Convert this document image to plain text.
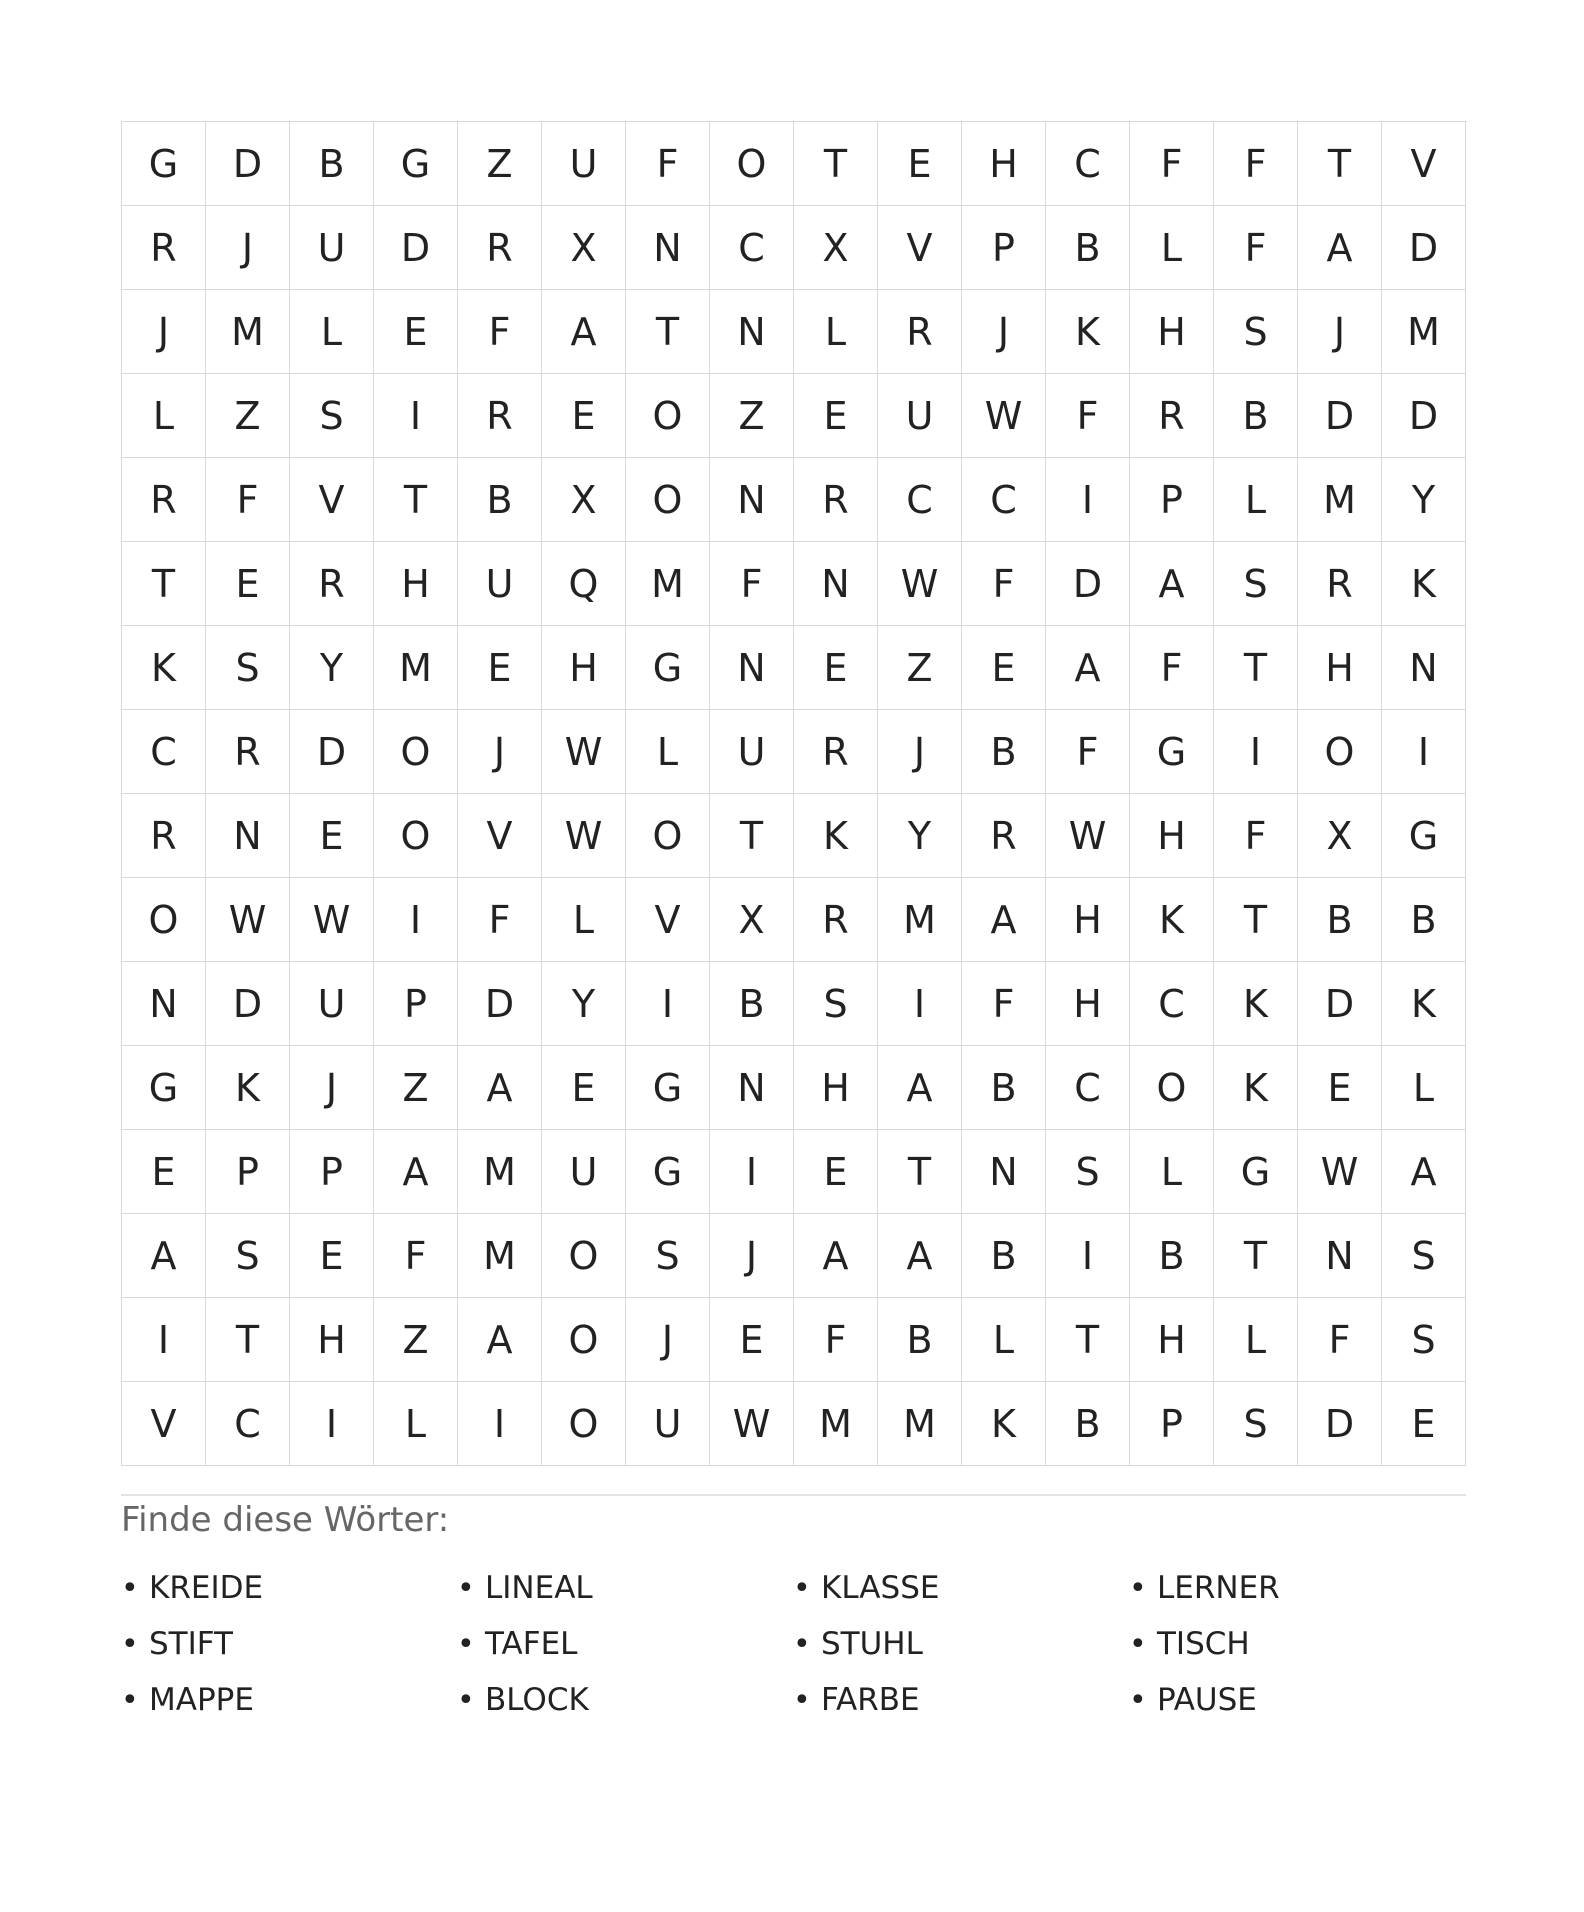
G	D	B	G	Z	U	F	O	T	E	H	C	F	F	T	V
R	J	U	D	R	X	N	C	X	V	P	B	L	F	A	D
J	M	L	E	F	A	T	N	L	R	J	K	H	S	J	M
L	Z	S	I	R	E	O	Z	E	U	W	F	R	B	D	D
R	F	V	T	B	X	O	N	R	C	C	I	P	L	M	Y
T	E	R	H	U	Q	M	F	N	W	F	D	A	S	R	K
K	S	Y	M	E	H	G	N	E	Z	E	A	F	T	H	N
C	R	D	O	J	W	L	U	R	J	B	F	G	I	O	I
R	N	E	O	V	W	O	T	K	Y	R	W	H	F	X	G
O	W	W	I	F	L	V	X	R	M	A	H	K	T	B	B
N	D	U	P	D	Y	I	B	S	I	F	H	C	K	D	K
G	K	J	Z	A	E	G	N	H	A	B	C	O	K	E	L
E	P	P	A	M	U	G	I	E	T	N	S	L	G	W	A
A	S	E	F	M	O	S	J	A	A	B	I	B	T	N	S
I	T	H	Z	A	O	J	E	F	B	L	T	H	L	F	S
V	C	I	L	I	O	U	W	M	M	K	B	P	S	D	E
Finde diese Wörter:
• KREIDE	• LINEAL	• KLASSE	• LERNER
• STIFT	• TAFEL	• STUHL	• TISCH
• MAPPE	• BLOCK	• FARBE	• PAUSE
